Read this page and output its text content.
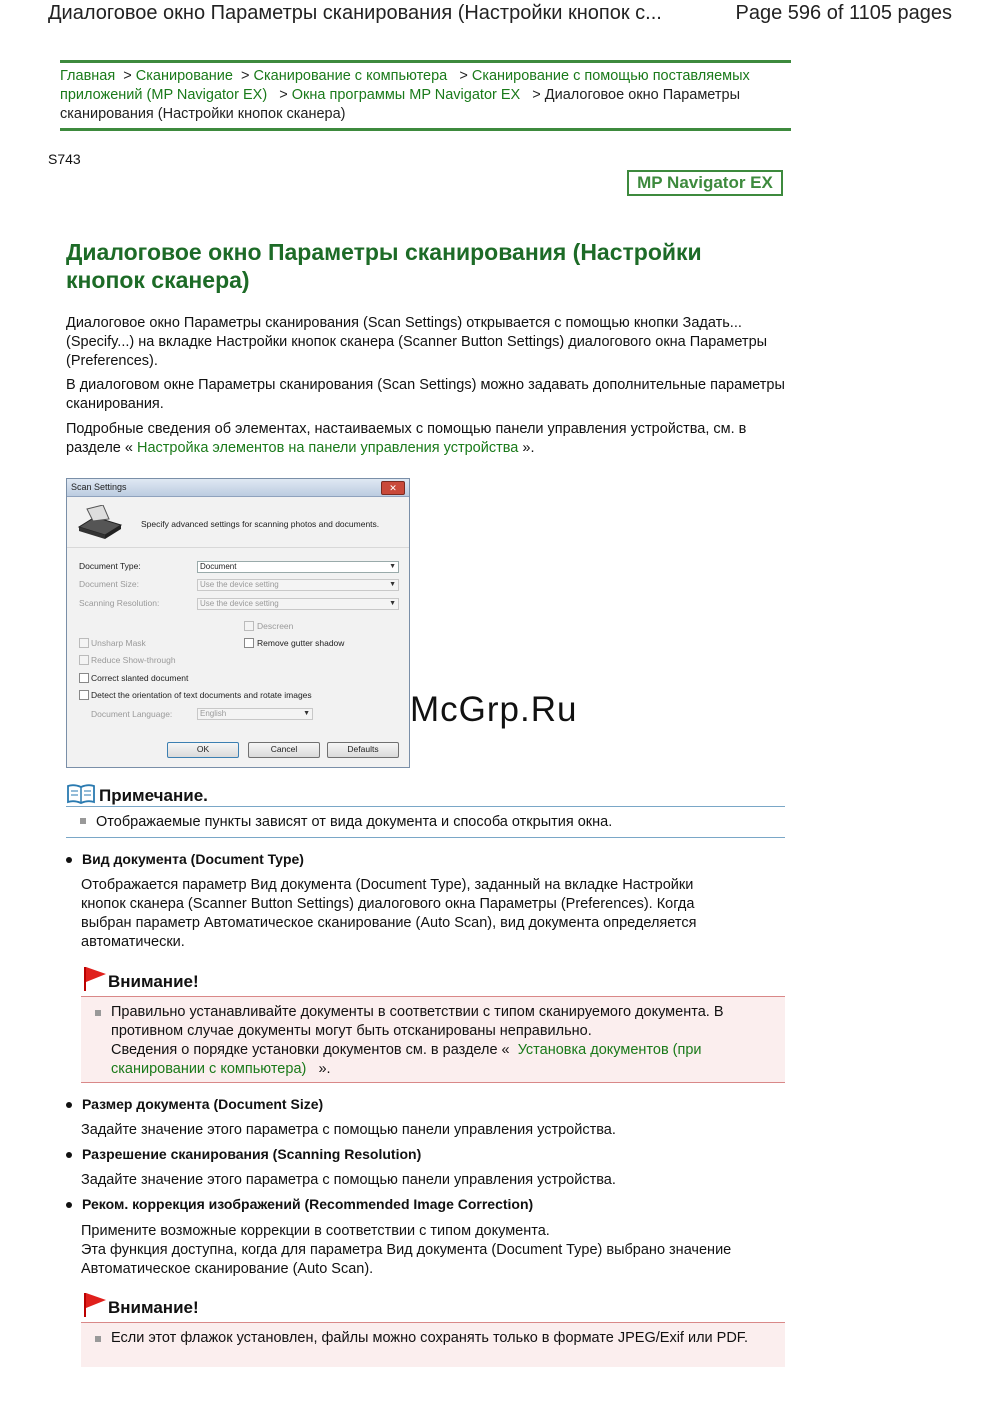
Диалоговое окно Параметры сканирования (Настройки кнопок с...	Page 596 of 1105 pages
Главная  > Сканирование  > Сканирование с компьютера   > Сканирование с помощью поставляемых приложений (MP Navigator EX)   > Окна программы MP Navigator EX   > Диалоговое окно Параметры сканирования (Настройки кнопок сканера)
S743
MP Navigator EX
Диалоговое окно Параметры сканирования (Настройки кнопок сканера)
Диалоговое окно Параметры сканирования (Scan Settings) открывается с помощью кнопки Задать... (Specify...) на вкладке Настройки кнопок сканера (Scanner Button Settings) диалогового окна Параметры (Preferences).
В диалоговом окне Параметры сканирования (Scan Settings) можно задавать дополнительные параметры сканирования.
Подробные сведения об элементах, настаиваемых с помощью панели управления устройства, см. в разделе « Настройка элементов на панели управления устройства ».
Scan Settings	✕
Specify advanced settings for scanning photos and documents.
Document Type:	Document	▼
Document Size:	Use the device setting	▼
Scanning Resolution:	Use the device setting	▼
Descreen
Unsharp Mask	Remove gutter shadow
Reduce Show-through
Correct slanted document
Detect the orientation of text documents and rotate images
Document Language:	English	▼
OK	Cancel	Defaults
McGrp.Ru
Примечание.
Отображаемые пункты зависят от вида документа и способа открытия окна.
Вид документа (Document Type)
Отображается параметр Вид документа (Document Type), заданный на вкладке Настройки кнопок сканера (Scanner Button Settings) диалогового окна Параметры (Preferences). Когда выбран параметр Автоматическое сканирование (Auto Scan), вид документа определяется автоматически.
Внимание!
Правильно устанавливайте документы в соответствии с типом сканируемого документа. В противном случае документы могут быть отсканированы неправильно.
Сведения о порядке установки документов см. в разделе « Установка документов (при сканировании с компьютера) ».
Размер документа (Document Size)
Задайте значение этого параметра с помощью панели управления устройства.
Разрешение сканирования (Scanning Resolution)
Задайте значение этого параметра с помощью панели управления устройства.
Реком. коррекция изображений (Recommended Image Correction)
Примените возможные коррекции в соответствии с типом документа.
Эта функция доступна, когда для параметра Вид документа (Document Type) выбрано значение Автоматическое сканирование (Auto Scan).
Внимание!
Если этот флажок установлен, файлы можно сохранять только в формате JPEG/Exif или PDF.
